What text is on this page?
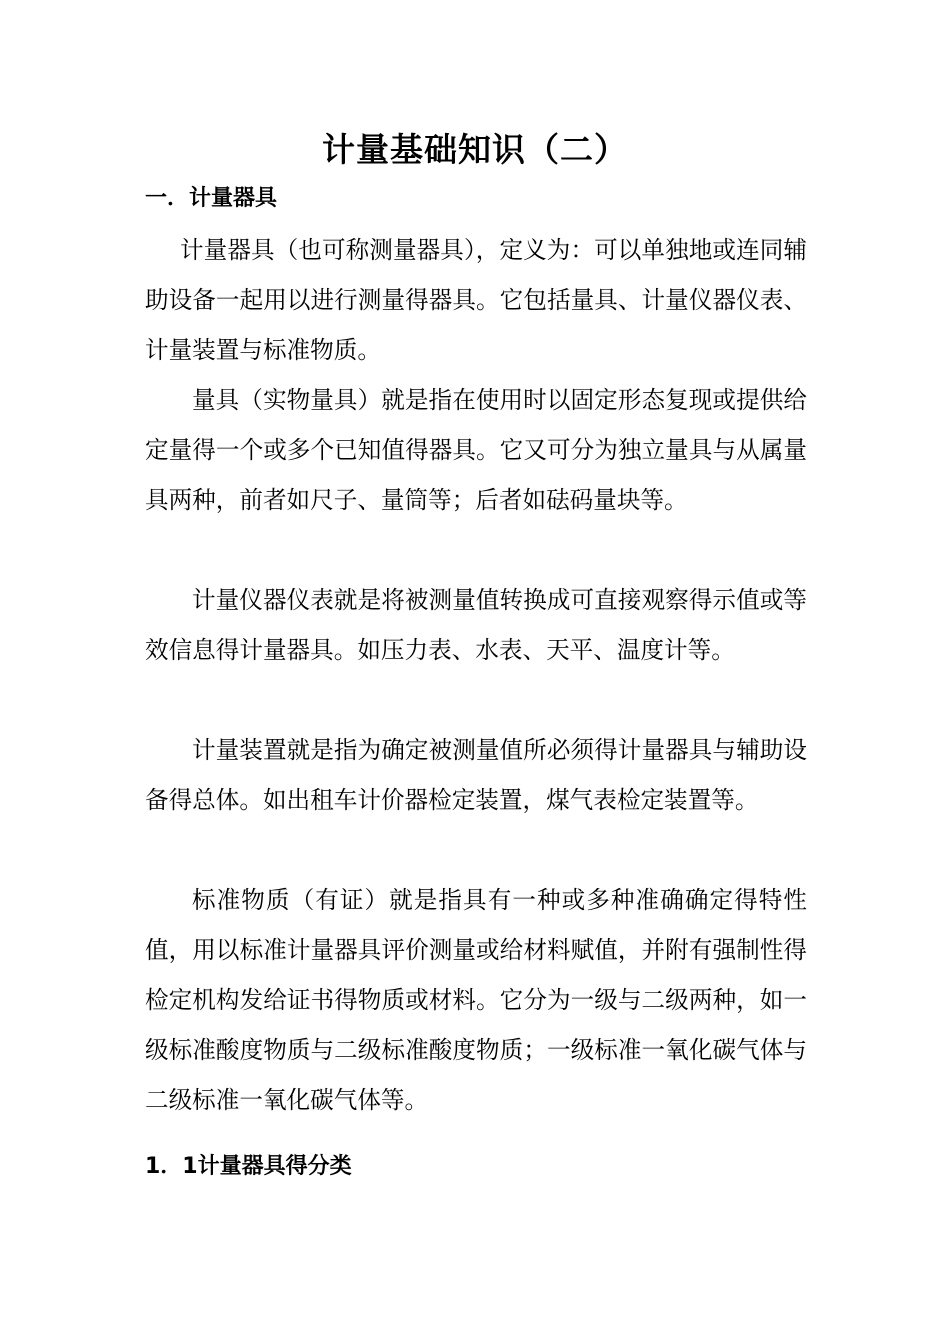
计量基础知识（二）
一．计量器具

计量器具（也可称测量器具），定义为：可以单独地或连同辅助设备一起用以进行测量得器具。它包括量具、计量仪器仪表、计量装置与标准物质。

量具（实物量具）就是指在使用时以固定形态复现或提供给定量得一个或多个已知值得器具。它又可分为独立量具与从属量具两种，前者如尺子、量筒等；后者如砝码量块等。

计量仪器仪表就是将被测量值转换成可直接观察得示值或等效信息得计量器具。如压力表、水表、天平、温度计等。

计量装置就是指为确定被测量值所必须得计量器具与辅助设备得总体。如出租车计价器检定装置，煤气表检定装置等。

标准物质（有证）就是指具有一种或多种准确确定得特性值，用以标准计量器具评价测量或给材料赋值，并附有强制性得检定机构发给证书得物质或材料。它分为一级与二级两种，如一级标准酸度物质与二级标准酸度物质；一级标准一氧化碳气体与二级标准一氧化碳气体等。

1．1计量器具得分类
